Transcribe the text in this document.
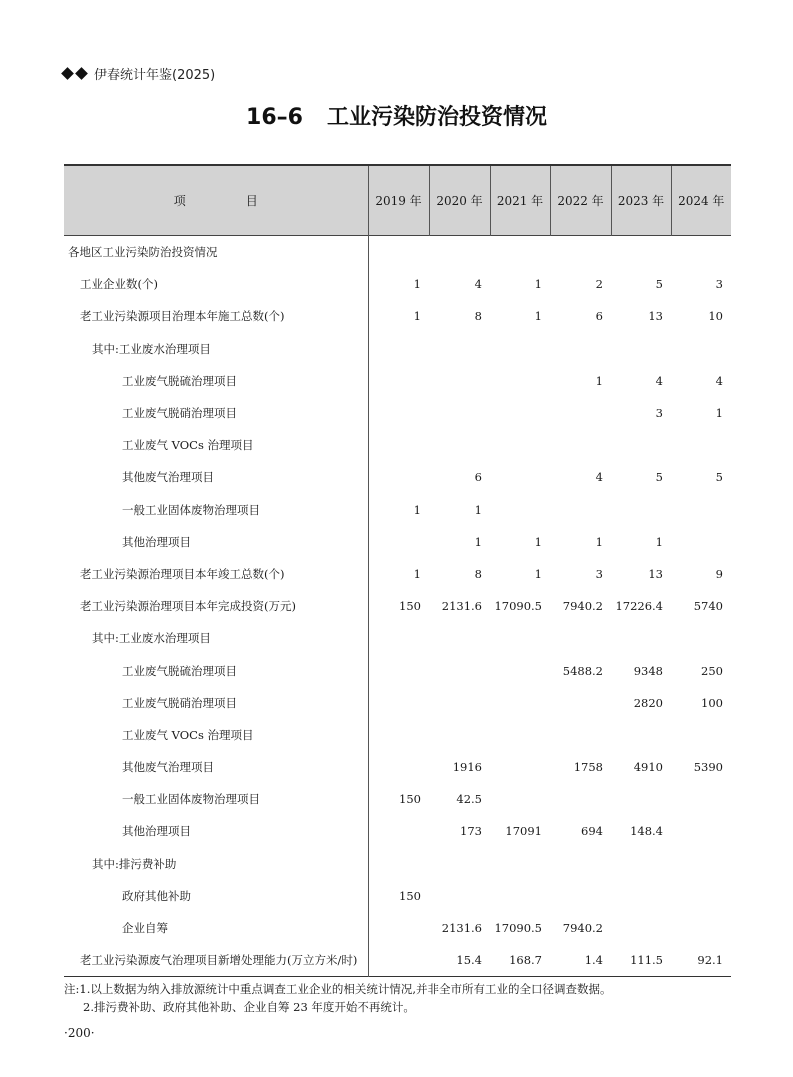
伊春统计年鉴(2025)
16–6 工业污染防治投资情况
项　　　　　目	2019 年	2020 年	2021 年	2022 年	2023 年	2024 年
各地区工业污染防治投资情况						
工业企业数(个)	1	4	1	2	5	3
老工业污染源项目治理本年施工总数(个)	1	8	1	6	13	10
其中:工业废水治理项目						
工业废气脱硫治理项目				1	4	4
工业废气脱硝治理项目					3	1
工业废气 VOCs 治理项目						
其他废气治理项目		6		4	5	5
一般工业固体废物治理项目	1	1				
其他治理项目		1	1	1	1	
老工业污染源治理项目本年竣工总数(个)	1	8	1	3	13	9
老工业污染源治理项目本年完成投资(万元)	150	2131.6	17090.5	7940.2	17226.4	5740
其中:工业废水治理项目						
工业废气脱硫治理项目				5488.2	9348	250
工业废气脱硝治理项目					2820	100
工业废气 VOCs 治理项目						
其他废气治理项目		1916		1758	4910	5390
一般工业固体废物治理项目	150	42.5				
其他治理项目		173	17091	694	148.4	
其中:排污费补助						
政府其他补助	150					
企业自筹		2131.6	17090.5	7940.2		
老工业污染源废气治理项目新增处理能力(万立方米/时)		15.4	168.7	1.4	111.5	92.1
注:1.以上数据为纳入排放源统计中重点调查工业企业的相关统计情况,并非全市所有工业的全口径调查数据。
2.排污费补助、政府其他补助、企业自筹 23 年度开始不再统计。
·200·
